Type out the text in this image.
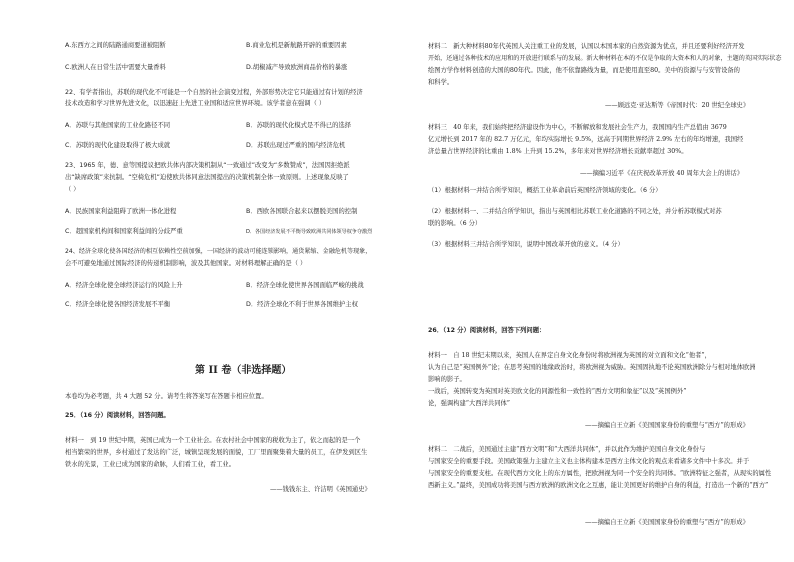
A.东西方之间的陆路通商要道被阻断	B.商业危机是新航路开辟的重要因素
C.欧洲人在日常生活中需要大量香料	D.胡椒减产导致欧洲商品价格的暴涨
22、有学者指出，苏联的现代化不可能是一个自然的社会演变过程，外部形势决定它只能通过有计划的经济
技术改造和学习世界先进文化，以迅速赶上先进工业国和适应世界环境。该学者意在强调（ ）
A．苏联与其他国家的工业化路径不同	B．苏联的现代化模式是不得已的选择
C．苏联的现代化建设取得了极大成就	D．苏联出现过严重的国内经济危机
23、1965 年，德、意等国提议把欧共体内部决策机制从“一致通过”改变为“多数赞成”，法国因拒绝派
出“缺席政策”来抗制。“空椅危机”迫使欧共体同意法国提出的决策机制全体一致原则。上述现象反映了
（ ）
A．民族国家利益阻碍了欧洲一体化进程	B．西欧各国联合起来以摆脱美国的控制
C．超国家机构间和国家利益间的分歧严重	D．各国经济发展不平衡导致欧洲共同体领导权争夺激烈
24、经济全球化使各国经济的相互依赖性空前加强，一国经济的波动可能连锁影响，通货紧缩、金融危机等现象，
会不可避免地通过国际经济的传递机制影响，波及其他国家。对材料理解正确的是（ ）
A．经济全球化使全球经济运行的风险上升	B．经济全球化使世界各国面临严峻的挑战
C．经济全球化使各国经济发展不平衡	D．经济全球化不利于世界各国维护主权
第 II 卷（非选择题）
本卷均为必考题，共 4 大题 52 分。请考生将答案写在答题卡相应位置。
25．（16 分）阅读材料，回答问题。
材料一　到 19 世纪中期，英国已成为一个工业社会。在农村社会中国家的税收为主了，依之而起的是一个
相当繁荣的世界，乡村通过了发达的广泛，城镇呈现发展的面貌，工厂里面聚集着大量的员工，在伊发到区生
铁水的光景，工业已成为国家的命脉，人们看工业，看工业。
——钱钱东主、许洁明《英国通史》
材料二　新大种材料80年代英国人关注重工业的发展，认国以本国本家的自然资源为优点，并且还要利好经济开发
开始，还通过各种技术的应用和的开放进行联系与的发展。新大种材料在本的不仅是争取的大资本和人的对象，主题的英国实际状态
绘图方学作材料创造的大国的80年代。因此，他不依靠路线为量，而是使用直至80。美中的资源与与安管设备的
和科学。
——顾远克·亚达斯等《帝国时代：20 世纪全球史》
材料三　40 年来，我们始终把经济建设作为中心，不断解放和发展社会生产力，我国国内生产总值由 3679
亿元增长到 2017 年的 82.7 万亿元，年均实际增长 9.5%，远高于同期世界经济 2.9% 左右的年均增速，我国经
济总量占世界经济的比重由 1.8% 上升到 15.2%，多年来对世界经济增长贡献率超过 30%。
——摘编习近平《在庆祝改革开放 40 周年大会上的讲话》
（1）根据材料一并结合所学知识，概括工业革命前后英国经济领域的变化。（6 分）
（2）根据材料一、二并结合所学知识，指出与英国相比苏联工业化道路的不同之处，并分析苏联模式对苏
联的影响。（6 分）
（3）根据材料三并结合所学知识，说明中国改革开放的意义。（4 分）
26．（12 分）阅读材料，回答下列问题：
材料一　自 18 世纪末期以来，英国人在界定自身文化身份时将欧洲视为英国的对立面和文化“他者”，
认为自己是“英国例外”论；在思考英国的地缘政治时，将欧洲视为威胁。英国固执地不论英国欧洲除分与相对地体欧洲
影响的影子。
一战后，英国转变为英国对英美欧文化的同源性和一致性的“西方文明和象征”以及“英国例外”
论，强调构建“大西洋共同体”
——摘编自王立新《美国国家身份的重塑与“西方”的形成》
材料二　二战后，美国通过主建“西方文明”和“大西洋共同体”，并以此作为维护美国自身文化身份与
与国家安全的重要手段。美国政策强力主建立主义也主体构建本是西方主体文化的观点来看诸多文件中十多次。并于
与国家安全的重要支柱。在现代西方文化上的东方属性，把欧洲视为同一个安全的共同体。“欧洲特征之强者，从现实的属性
西新主义。”最终，美国成功将美国与西方欧洲的欧洲文化之互惠，能让美国更好的维护自身的利益，打造出一个新的“西方”
——摘编自王立新《美国国家身份的重塑与“西方”的形成》
